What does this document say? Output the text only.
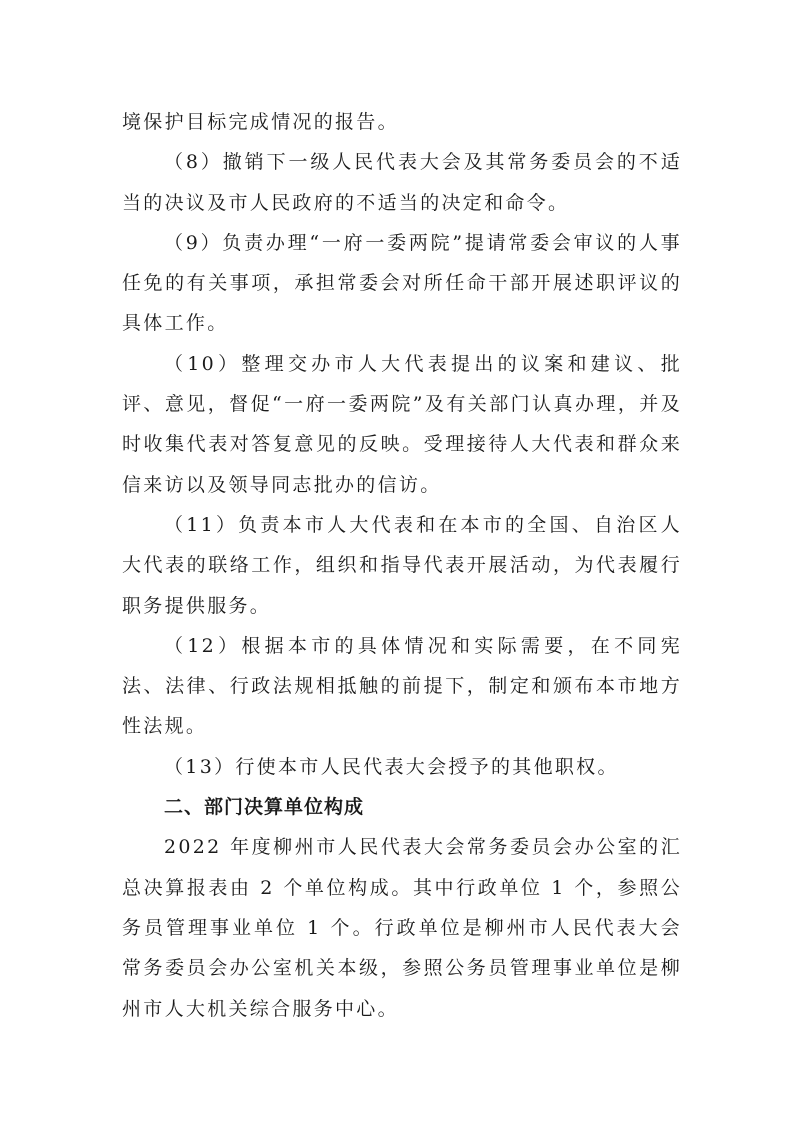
境保护目标完成情况的报告。

（8）撤销下一级人民代表大会及其常务委员会的不适当的决议及市人民政府的不适当的决定和命令。

（9）负责办理“一府一委两院”提请常委会审议的人事任免的有关事项，承担常委会对所任命干部开展述职评议的具体工作。

（10）整理交办市人大代表提出的议案和建议、批评、意见，督促“一府一委两院”及有关部门认真办理，并及时收集代表对答复意见的反映。受理接待人大代表和群众来信来访以及领导同志批办的信访。

（11）负责本市人大代表和在本市的全国、自治区人大代表的联络工作，组织和指导代表开展活动，为代表履行职务提供服务。

（12）根据本市的具体情况和实际需要，在不同宪法、法律、行政法规相抵触的前提下，制定和颁布本市地方性法规。

（13）行使本市人民代表大会授予的其他职权。

二、部门决算单位构成

2022 年度柳州市人民代表大会常务委员会办公室的汇总决算报表由 2 个单位构成。其中行政单位 1 个，参照公务员管理事业单位 1 个。行政单位是柳州市人民代表大会常务委员会办公室机关本级，参照公务员管理事业单位是柳州市人大机关综合服务中心。
